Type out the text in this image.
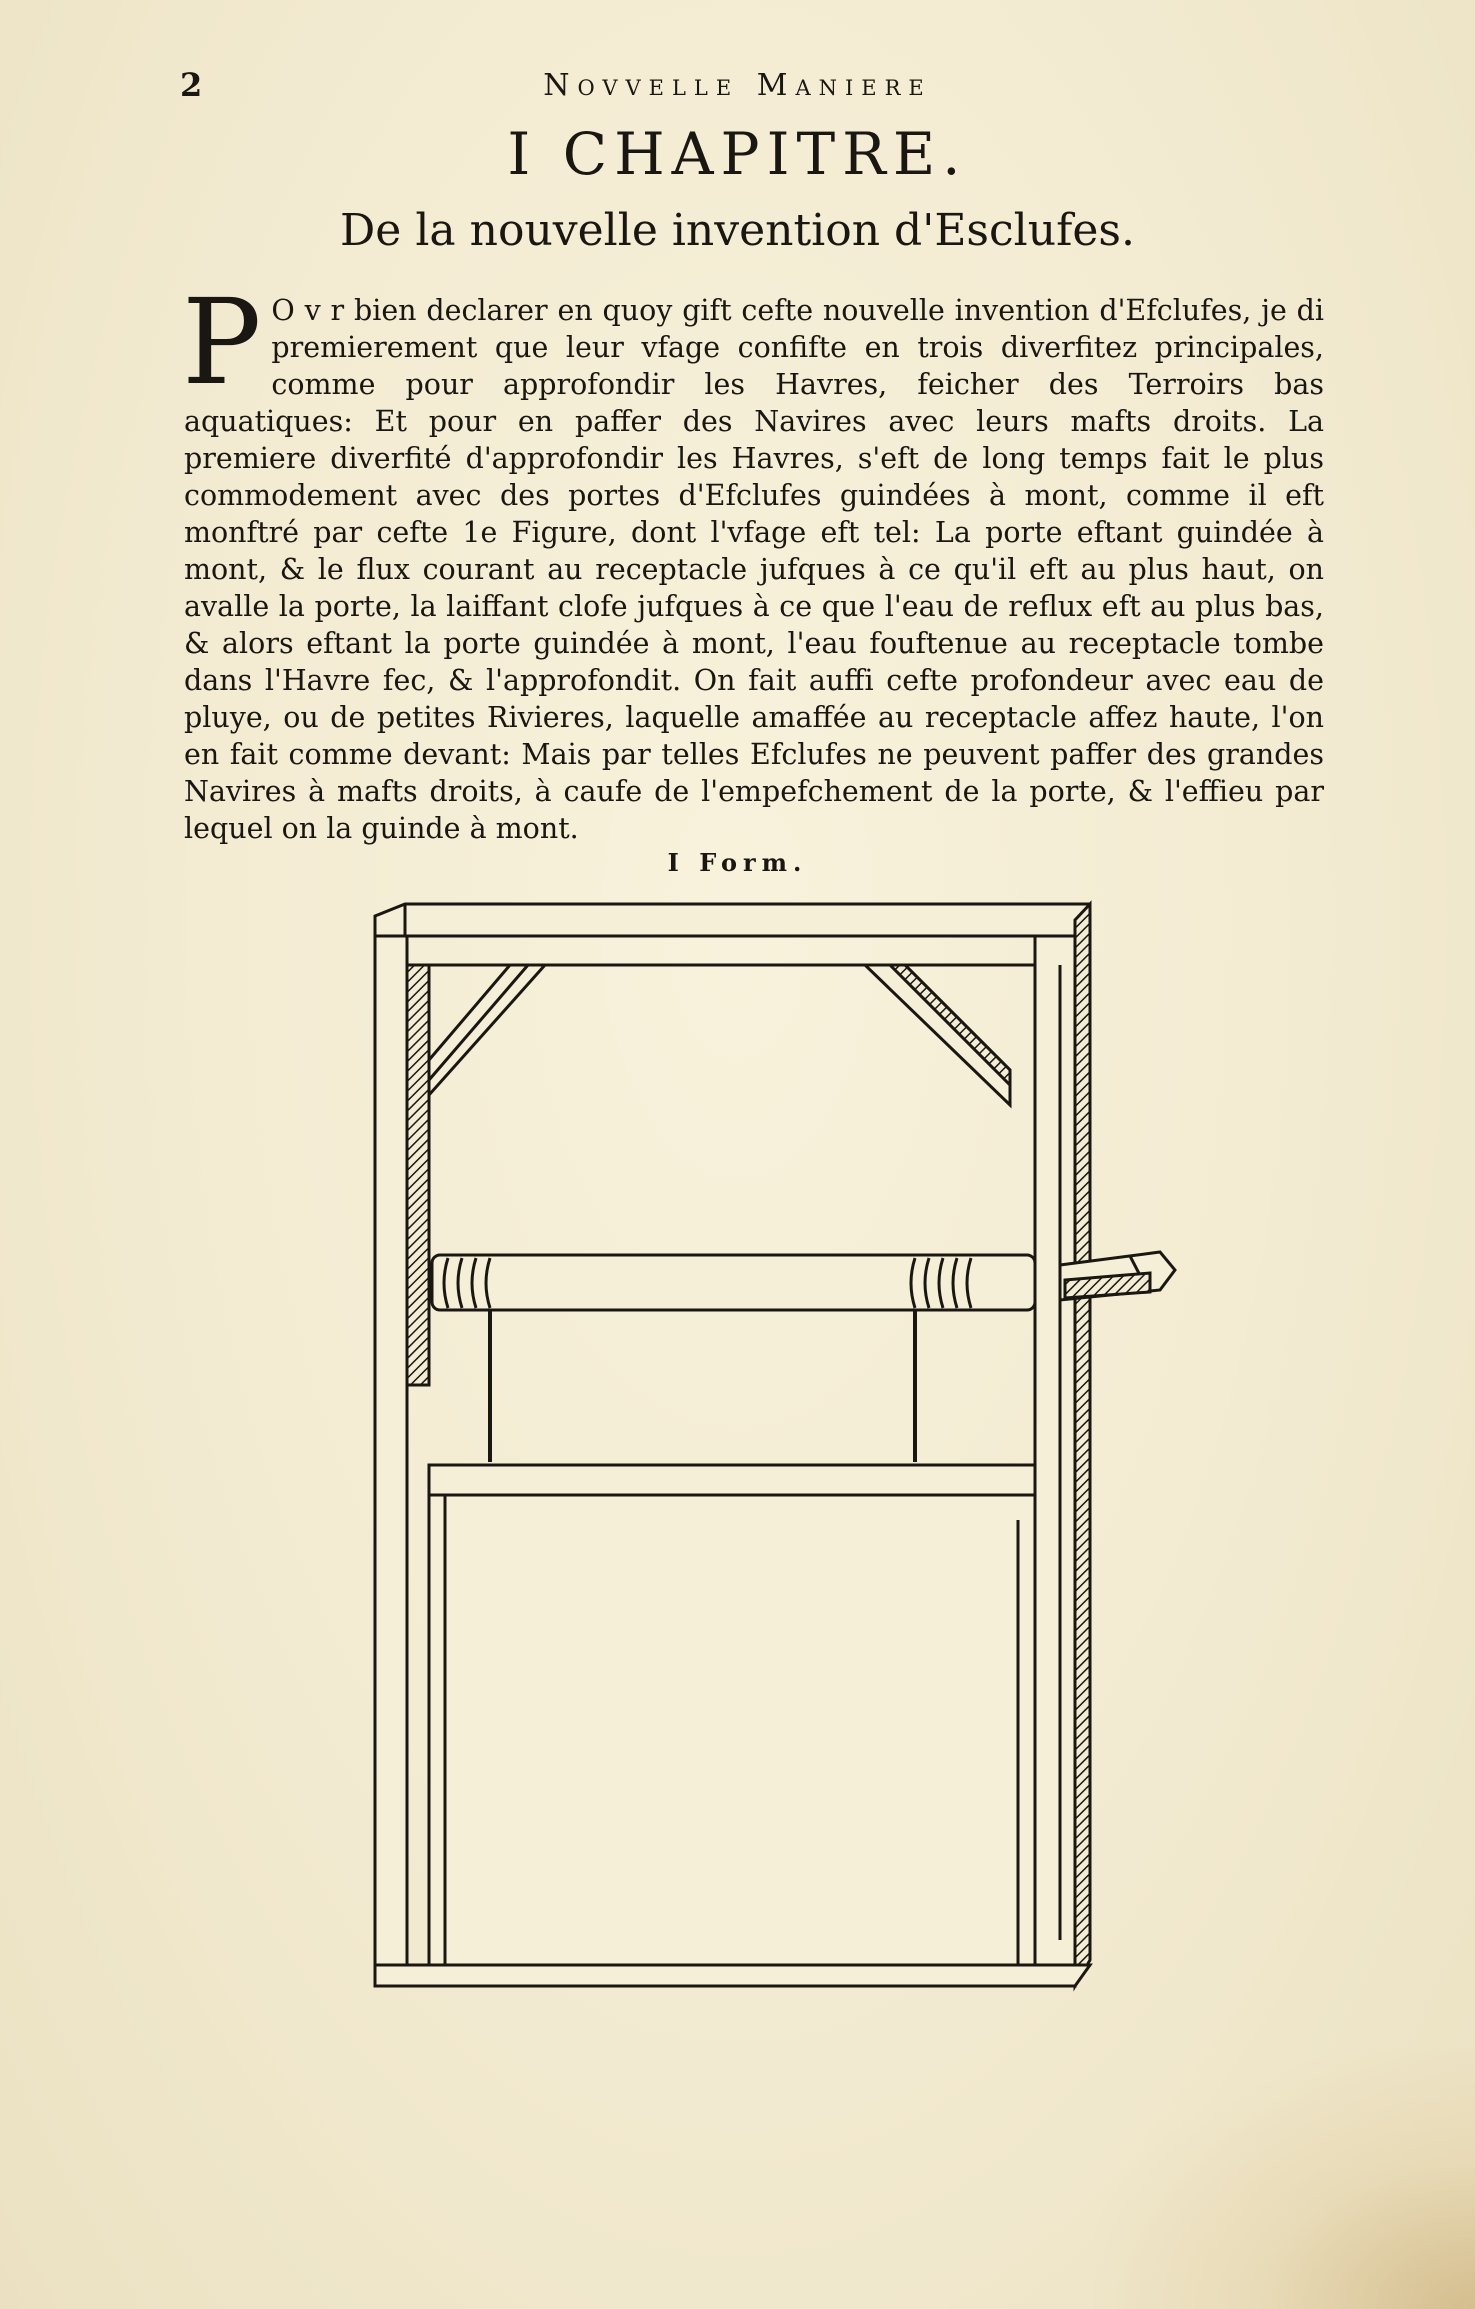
2	Novvelle Maniere
I CHAPITRE.
De la nouvelle invention d'Esclufes.

P O v r bien declarer en quoy gift cefte nouvelle invention d'Efclufes, je di premierement que leur vfage confifte en trois diverfitez principales, comme pour approfondir les Havres, feicher des Terroirs bas aquatiques: Et pour en paffer des Navires avec leurs mafts droits. La premiere diverfité d'approfondir les Havres, s'eft de long temps fait le plus commodement avec des portes d'Efclufes guindées à mont, comme il eft monftré par cefte 1e Figure, dont l'vfage eft tel: La porte eftant guindée à mont, & le flux courant au receptacle jufques à ce qu'il eft au plus haut, on avalle la porte, la laiffant clofe jufques à ce que l'eau de reflux eft au plus bas, & alors eftant la porte guindée à mont, l'eau fouftenue au receptacle tombe dans l'Havre fec, & l'approfondit. On fait auffi cefte profondeur avec eau de pluye, ou de petites Rivieres, laquelle amaffée au receptacle affez haute, l'on en fait comme devant: Mais par telles Efclufes ne peuvent paffer des grandes Navires à mafts droits, à caufe de l'empefchement de la porte, & l'effieu par lequel on la guinde à mont.

I Form.
